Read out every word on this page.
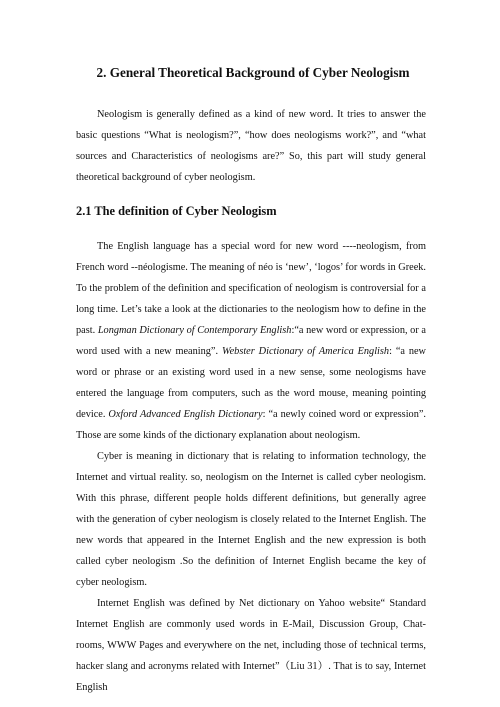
2. General Theoretical Background of Cyber Neologism

Neologism is generally defined as a kind of new word. It tries to answer the basic questions “What is neologism?”, “how does neologisms work?”, and “what sources and Characteristics of neologisms are?” So, this part will study general theoretical background of cyber neologism.

2.1 The definition of Cyber Neologism

The English language has a special word for new word ----neologism, from French word --néologisme. The meaning of néo is ‘new’, ‘logos’ for words in Greek. To the problem of the definition and specification of neologism is controversial for a long time. Let’s take a look at the dictionaries to the neologism how to define in the past. Longman Dictionary of Contemporary English:“a new word or expression, or a word used with a new meaning”. Webster Dictionary of America English: “a new word or phrase or an existing word used in a new sense, some neologisms have entered the language from computers, such as the word mouse, meaning pointing device. Oxford Advanced English Dictionary: “a newly coined word or expression”. Those are some kinds of the dictionary explanation about neologism.

Cyber is meaning in dictionary that is relating to information technology, the Internet and virtual reality. so, neologism on the Internet is called cyber neologism. With this phrase, different people holds different definitions, but generally agree with the generation of cyber neologism is closely related to the Internet English. The new words that appeared in the Internet English and the new expression is both called cyber neologism .So the definition of Internet English became the key of cyber neologism.

Internet English was defined by Net dictionary on Yahoo website“ Standard Internet English are commonly used words in E-Mail, Discussion Group, Chat-rooms, WWW Pages and everywhere on the net, including those of technical terms, hacker slang and acronyms related with Internet”（Liu 31）. That is to say, Internet English
